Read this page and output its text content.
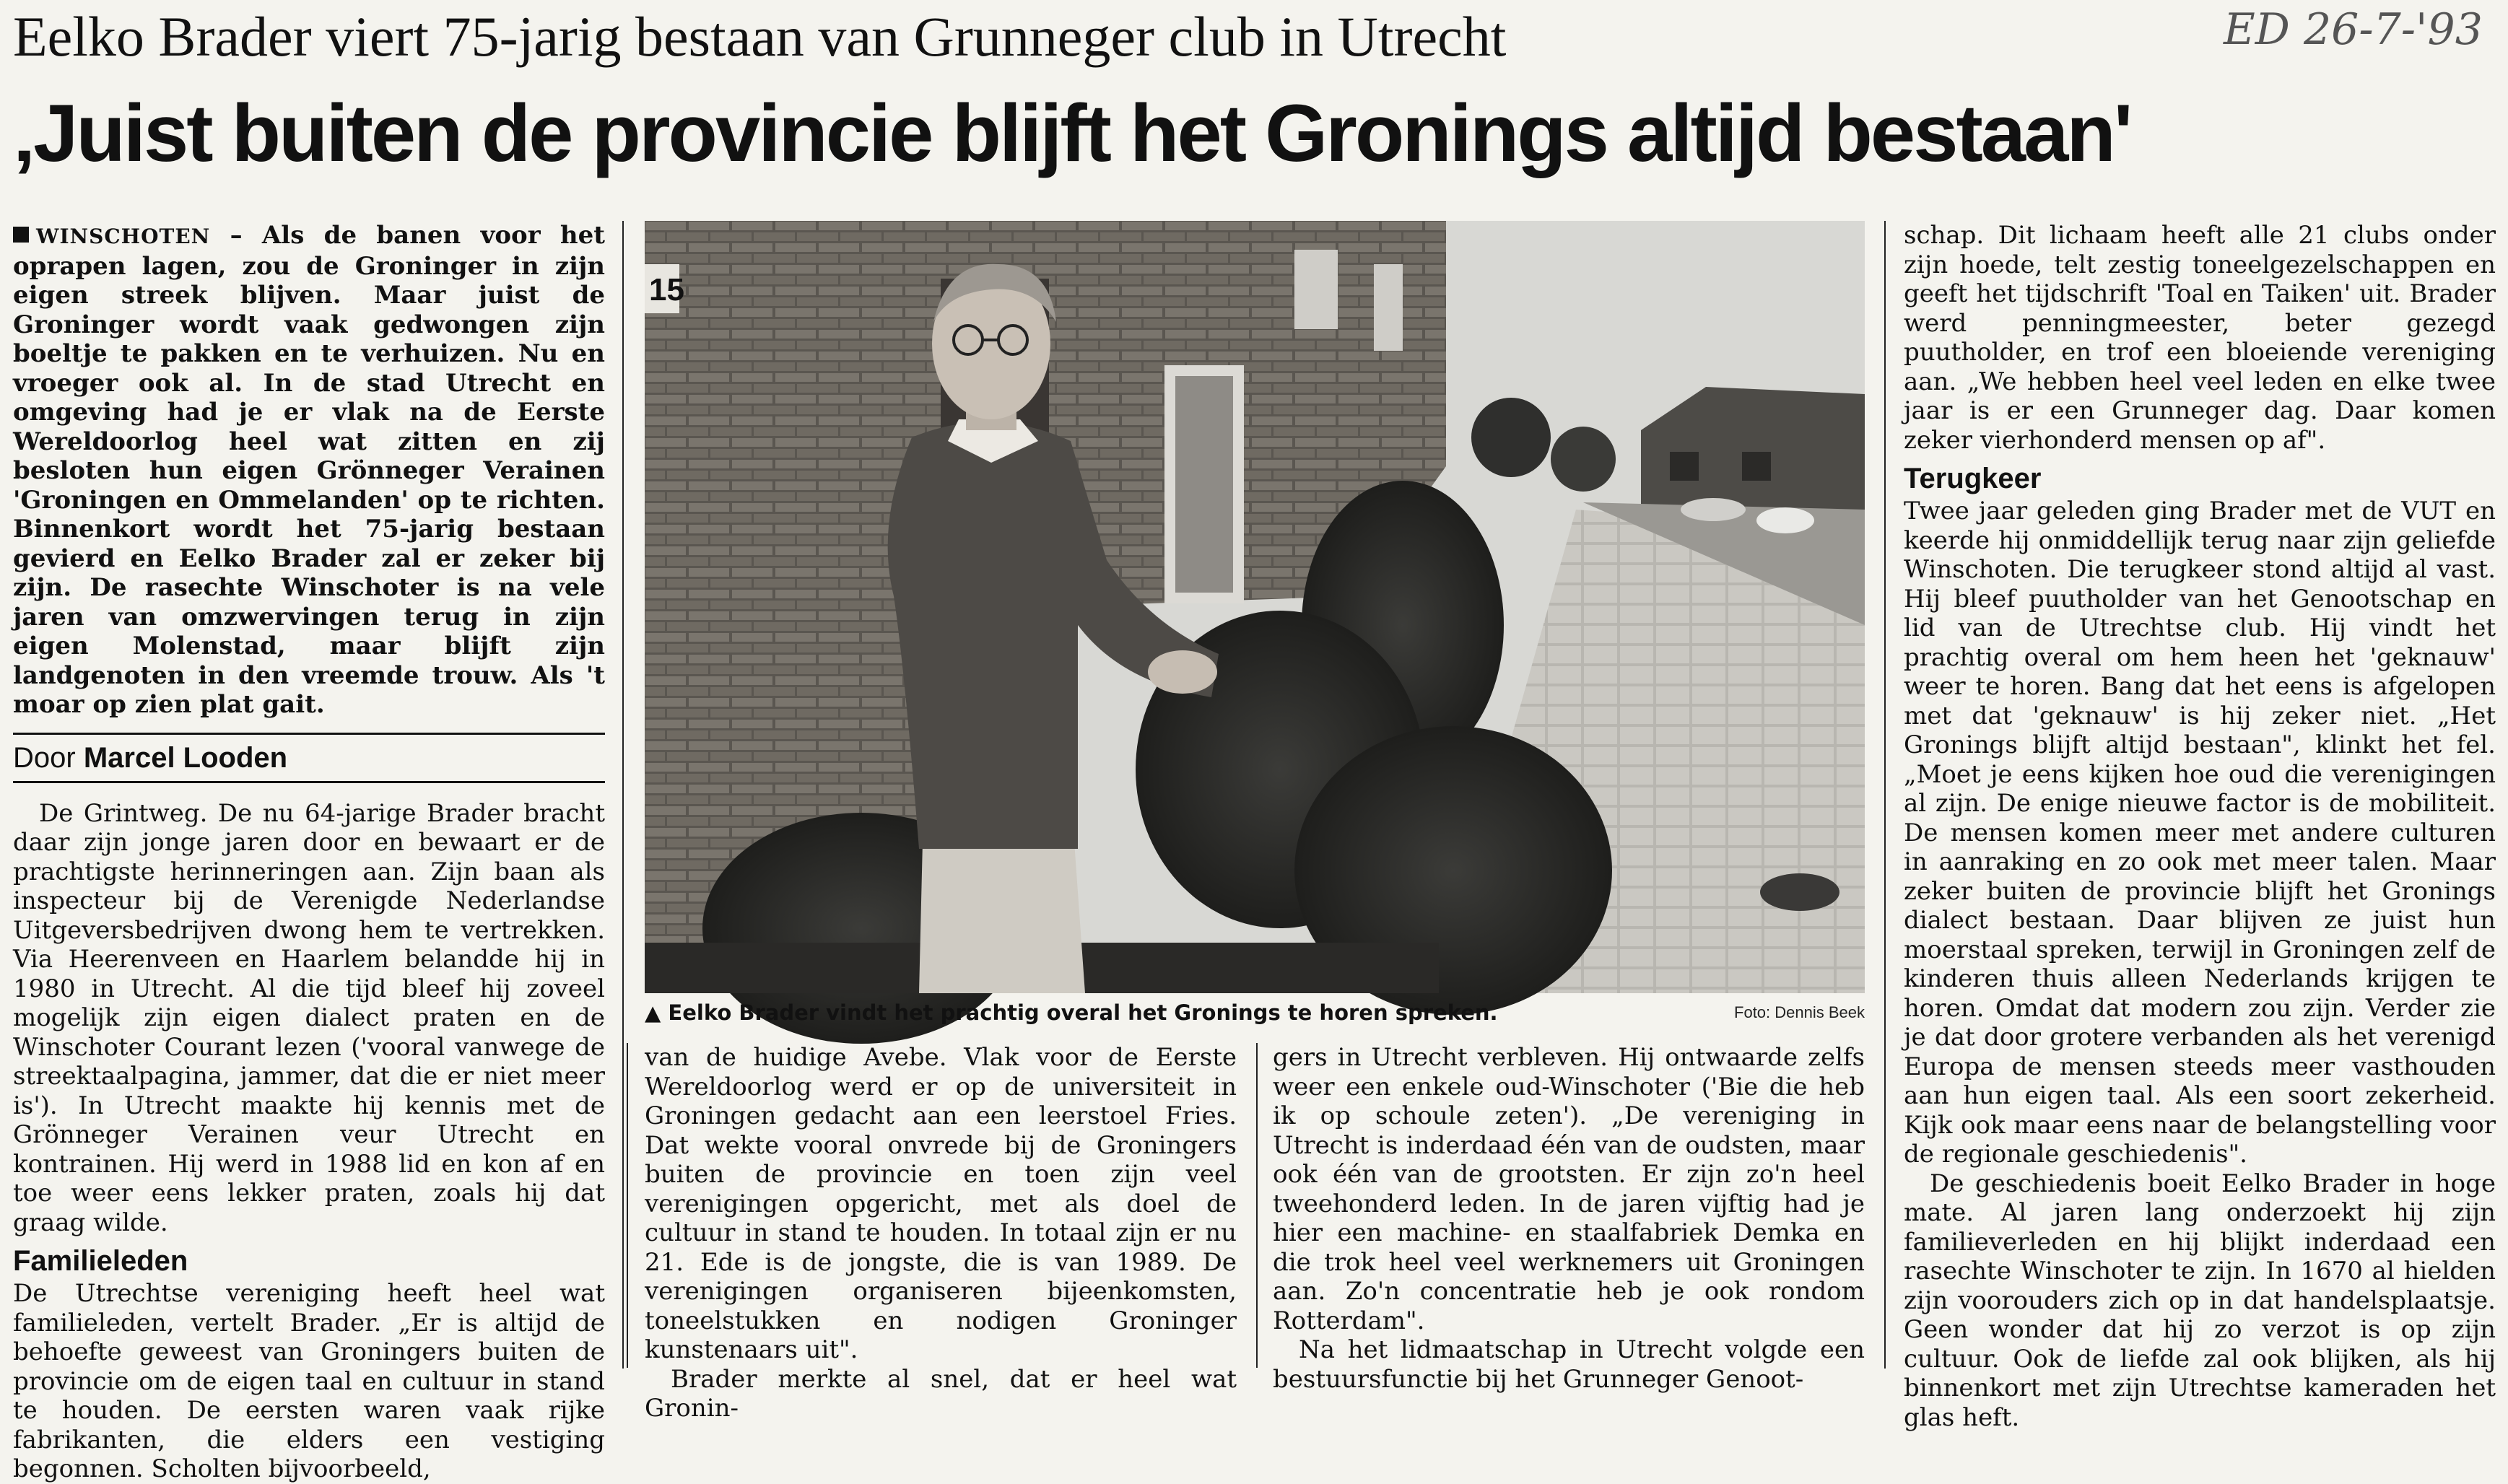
Eelko Brader viert 75-jarig bestaan van Grunneger club in Utrecht	ED 26-7-'93
‚Juist buiten de provincie blijft het Gronings altijd bestaan'
WINSCHOTEN – Als de banen voor het oprapen lagen, zou de Groninger in zijn eigen streek blijven. Maar juist de Groninger wordt vaak gedwongen zijn boeltje te pakken en te verhuizen. Nu en vroeger ook al. In de stad Utrecht en omgeving had je er vlak na de Eerste Wereldoorlog heel wat zitten en zij besloten hun eigen Grönneger Verainen 'Groningen en Ommelanden' op te richten. Binnenkort wordt het 75-jarig bestaan gevierd en Eelko Brader zal er zeker bij zijn. De rasechte Winschoter is na vele jaren van omzwervingen terug in zijn eigen Molenstad, maar blijft zijn landgenoten in den vreemde trouw. Als 't moar op zien plat gait.
Door Marcel Looden

De Grintweg. De nu 64-jarige Brader bracht daar zijn jonge jaren door en bewaart er de prachtigste herinneringen aan. Zijn baan als inspecteur bij de Verenigde Nederlandse Uitgeversbedrijven dwong hem te vertrekken. Via Heerenveen en Haarlem belandde hij in 1980 in Utrecht. Al die tijd bleef hij zoveel mogelijk zijn eigen dialect praten en de Winschoter Courant lezen ('vooral vanwege de streektaalpagina, jammer, dat die er niet meer is'). In Utrecht maakte hij kennis met de Grönneger Verainen veur Utrecht en kontrainen. Hij werd in 1988 lid en kon af en toe weer eens lekker praten, zoals hij dat graag wilde.

Familieleden

De Utrechtse vereniging heeft heel wat familieleden, vertelt Brader. „Er is altijd de behoefte geweest van Groningers buiten de provincie om de eigen taal en cultuur in stand te houden. De eersten waren vaak rijke fabrikanten, die elders een vestiging begonnen. Scholten bijvoorbeeld,

15
▲ Eelko Brader vindt het prachtig overal het Gronings te horen spreken.	Foto: Dennis Beek

van de huidige Avebe. Vlak voor de Eerste Wereldoorlog werd er op de universiteit in Groningen gedacht aan een leerstoel Fries. Dat wekte vooral onvrede bij de Groningers buiten de provincie en toen zijn veel verenigingen opgericht, met als doel de cultuur in stand te houden. In totaal zijn er nu 21. Ede is de jongste, die is van 1989. De verenigingen organiseren bijeenkomsten, toneelstukken en nodigen Groninger kunstenaars uit".

Brader merkte al snel, dat er heel wat Gronin-

gers in Utrecht verbleven. Hij ontwaarde zelfs weer een enkele oud-Winschoter ('Bie die heb ik op schoule zeten'). „De vereniging in Utrecht is inderdaad één van de oudsten, maar ook één van de grootsten. Er zijn zo'n heel tweehonderd leden. In de jaren vijftig had je hier een machine- en staalfabriek Demka en die trok heel veel werknemers uit Groningen aan. Zo'n concentratie heb je ook rondom Rotterdam".

Na het lidmaatschap in Utrecht volgde een bestuursfunctie bij het Grunneger Genoot-

schap. Dit lichaam heeft alle 21 clubs onder zijn hoede, telt zestig toneelgezelschappen en geeft het tijdschrift 'Toal en Taiken' uit. Brader werd penningmeester, beter gezegd puutholder, en trof een bloeiende vereniging aan. „We hebben heel veel leden en elke twee jaar is er een Grunneger dag. Daar komen zeker vierhonderd mensen op af".

Terugkeer

Twee jaar geleden ging Brader met de VUT en keerde hij onmiddellijk terug naar zijn geliefde Winschoten. Die terugkeer stond altijd al vast. Hij bleef puutholder van het Genootschap en lid van de Utrechtse club. Hij vindt het prachtig overal om hem heen het 'geknauw' weer te horen. Bang dat het eens is afgelopen met dat 'geknauw' is hij zeker niet. „Het Gronings blijft altijd bestaan", klinkt het fel. „Moet je eens kijken hoe oud die verenigingen al zijn. De enige nieuwe factor is de mobiliteit. De mensen komen meer met andere culturen in aanraking en zo ook met meer talen. Maar zeker buiten de provincie blijft het Gronings dialect bestaan. Daar blijven ze juist hun moerstaal spreken, terwijl in Groningen zelf de kinderen thuis alleen Nederlands krijgen te horen. Omdat dat modern zou zijn. Verder zie je dat door grotere verbanden als het verenigd Europa de mensen steeds meer vasthouden aan hun eigen taal. Als een soort zekerheid. Kijk ook maar eens naar de belangstelling voor de regionale geschiedenis".

De geschiedenis boeit Eelko Brader in hoge mate. Al jaren lang onderzoekt hij zijn familieverleden en hij blijkt inderdaad een rasechte Winschoter te zijn. In 1670 al hielden zijn voorouders zich op in dat handelsplaatsje. Geen wonder dat hij zo verzot is op zijn cultuur. Ook de liefde zal ook blijken, als hij binnenkort met zijn Utrechtse kameraden het glas heft.
